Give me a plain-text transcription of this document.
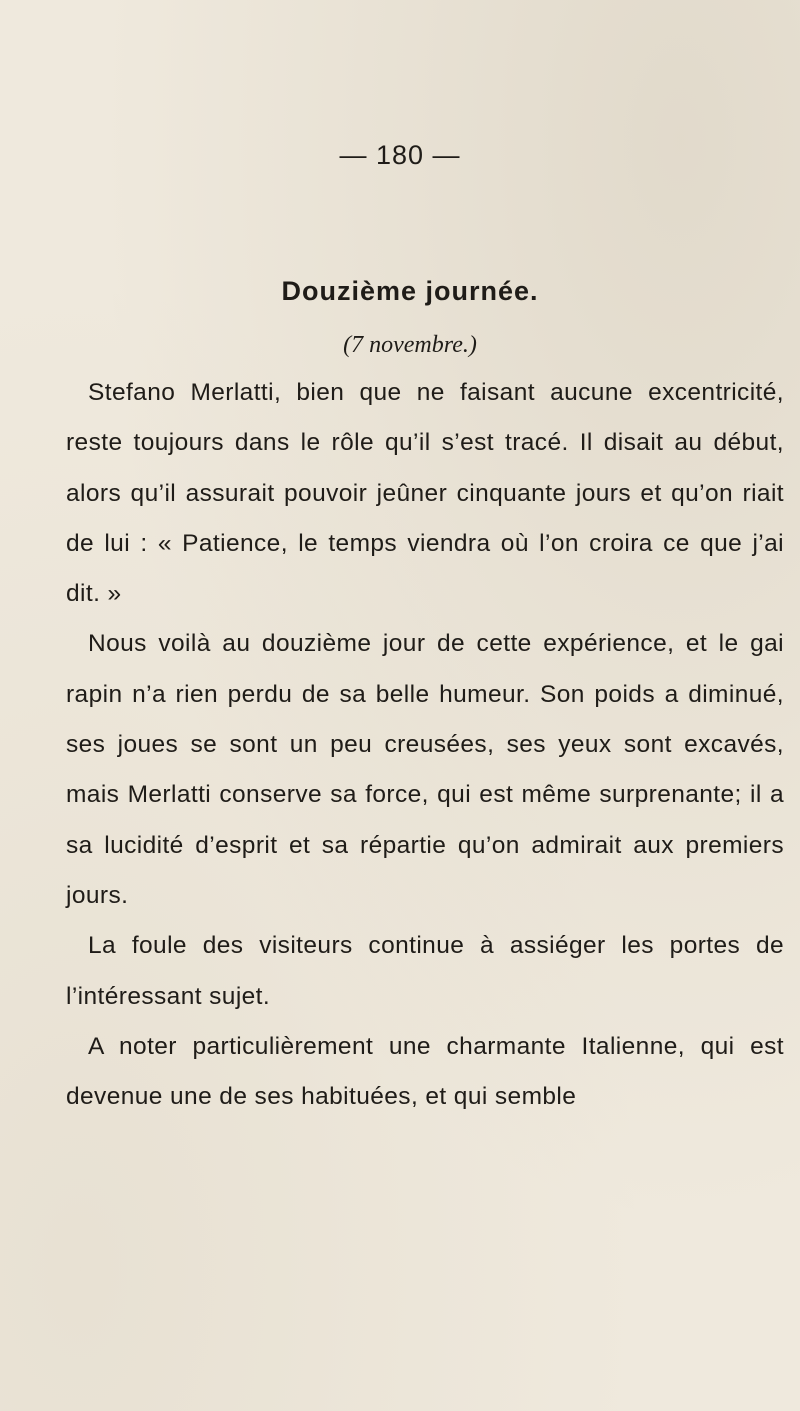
— 180 —
Douzième journée.
(7 novembre.)

Stefano Merlatti, bien que ne faisant aucune excentricité, reste toujours dans le rôle qu’il s’est tracé. Il disait au début, alors qu’il assurait pouvoir jeûner cinquante jours et qu’on riait de lui : « Patience, le temps viendra où l’on croira ce que j’ai dit. »

Nous voilà au douzième jour de cette expérience, et le gai rapin n’a rien perdu de sa belle humeur. Son poids a diminué, ses joues se sont un peu creusées, ses yeux sont excavés, mais Merlatti conserve sa force, qui est même surprenante; il a sa lucidité d’esprit et sa répartie qu’on admirait aux premiers jours.

La foule des visiteurs continue à assiéger les portes de l’intéressant sujet.

A noter particulièrement une charmante Italienne, qui est devenue une de ses habituées, et qui semble
